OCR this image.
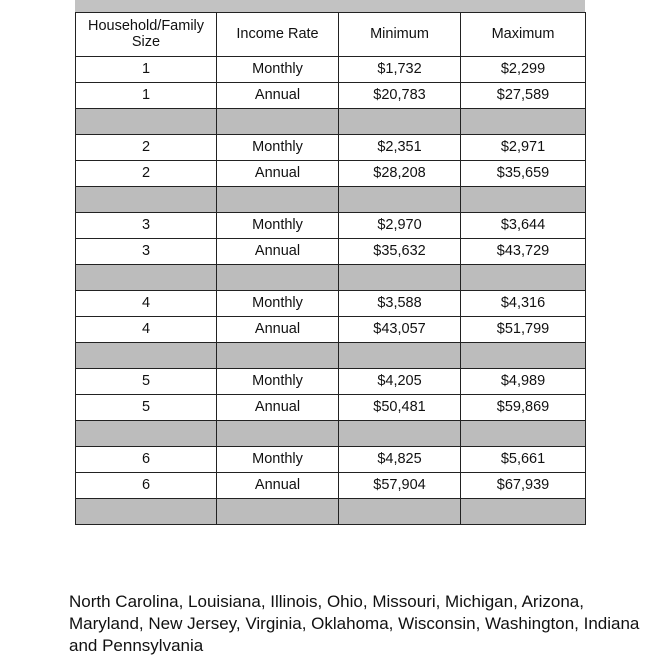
Household/Family Size	Income Rate	Minimum	Maximum
1	Monthly	$1,732	$2,299
1	Annual	$20,783	$27,589

2	Monthly	$2,351	$2,971
2	Annual	$28,208	$35,659

3	Monthly	$2,970	$3,644
3	Annual	$35,632	$43,729

4	Monthly	$3,588	$4,316
4	Annual	$43,057	$51,799

5	Monthly	$4,205	$4,989
5	Annual	$50,481	$59,869

6	Monthly	$4,825	$5,661
6	Annual	$57,904	$67,939

North Carolina, Louisiana, Illinois, Ohio, Missouri, Michigan, Arizona, Maryland, New Jersey, Virginia, Oklahoma, Wisconsin, Washington, Indiana and Pennsylvania
